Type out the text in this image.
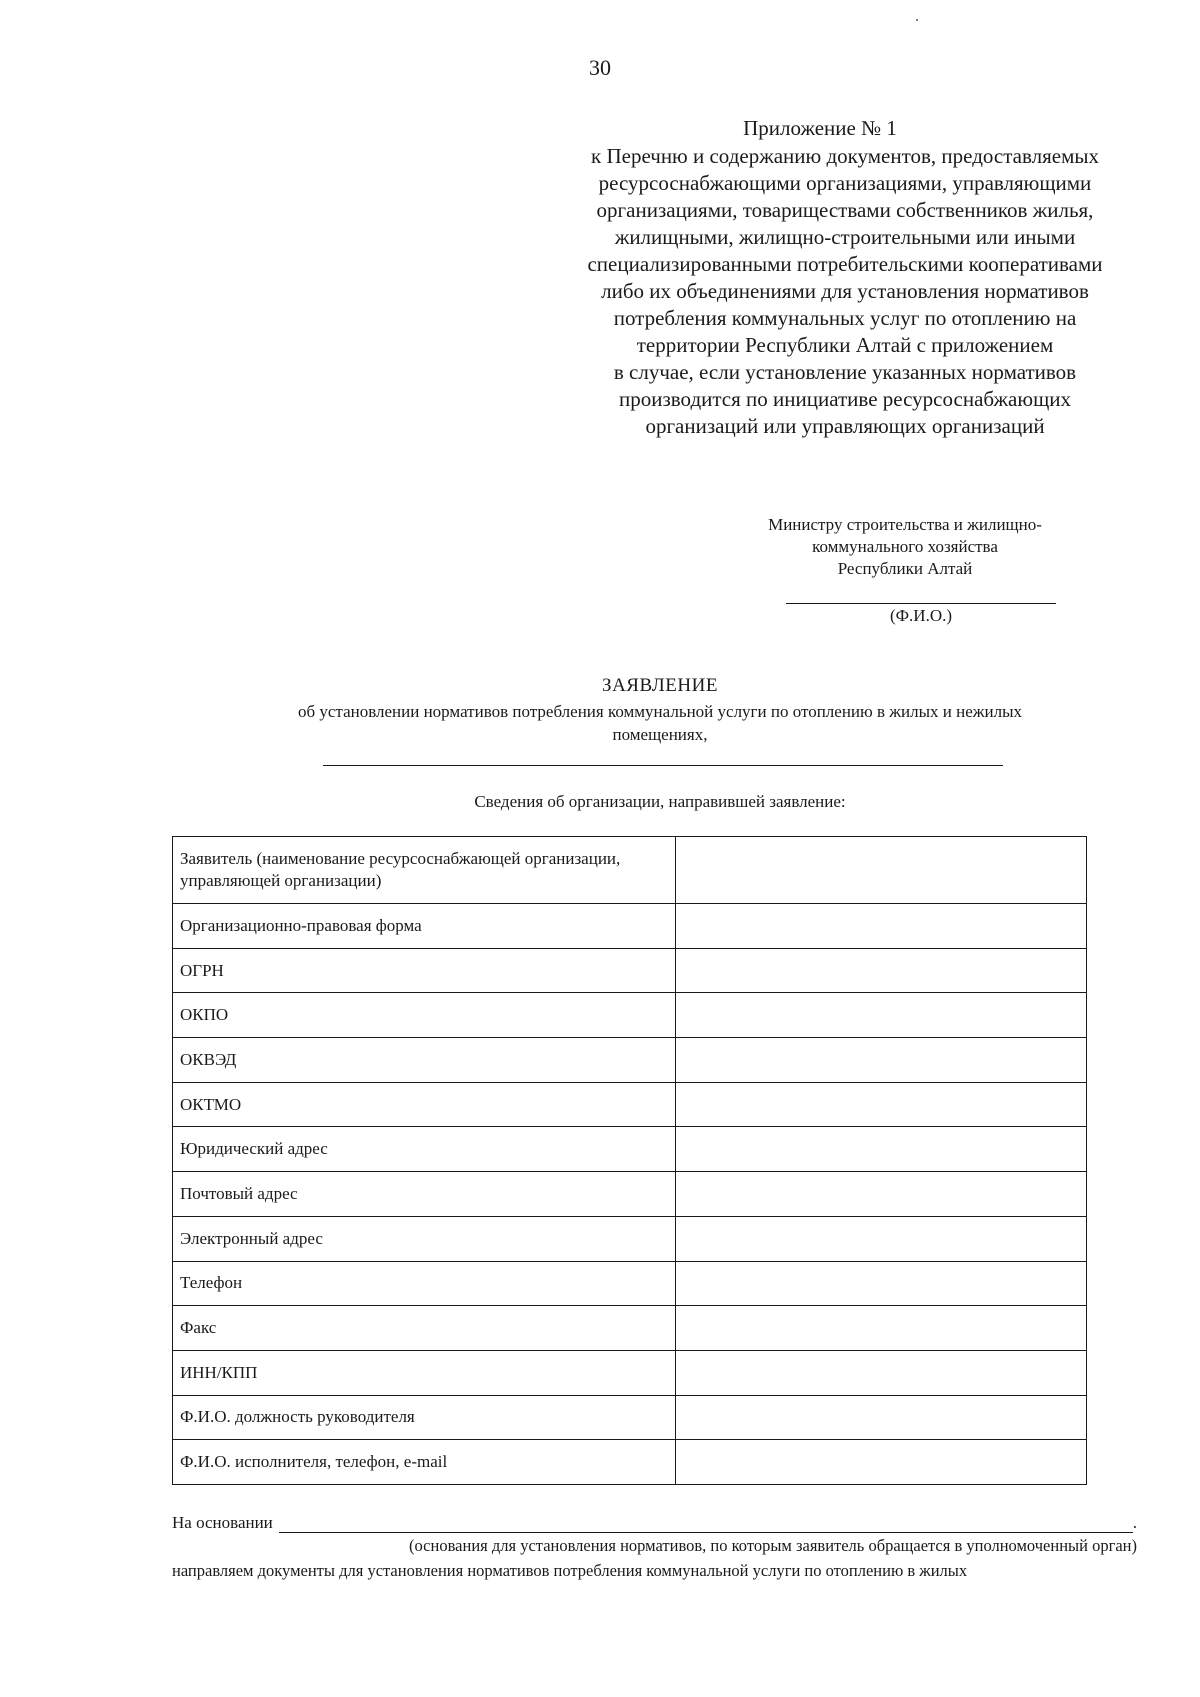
30
Приложение № 1
к Перечню и содержанию документов, предоставляемых
ресурсоснабжающими организациями, управляющими
организациями, товариществами собственников жилья,
жилищными, жилищно-строительными или иными
специализированными потребительскими кооперативами
либо их объединениями для установления нормативов
потребления коммунальных услуг по отоплению на
территории Республики Алтай с приложением
в случае, если установление указанных нормативов
производится по инициативе ресурсоснабжающих
организаций или управляющих организаций
Министру строительства и жилищно-
коммунального хозяйства
Республики Алтай
(Ф.И.О.)
ЗАЯВЛЕНИЕ
об установлении нормативов потребления коммунальной услуги по отоплению в жилых и нежилых
помещениях,
Сведения об организации, направившей заявление:
Заявитель (наименование ресурсоснабжающей организации, управляющей организации)	
Организационно-правовая форма	
ОГРН	
ОКПО	
ОКВЭД	
ОКТМО	
Юридический адрес	
Почтовый адрес	
Электронный адрес	
Телефон	
Факс	
ИНН/КПП	
Ф.И.О. должность руководителя	
Ф.И.О. исполнителя, телефон, e-mail	
На основании	.
(основания для установления нормативов, по которым заявитель обращается в уполномоченный орган)
направляем документы для установления нормативов потребления коммунальной услуги по отоплению в жилых
